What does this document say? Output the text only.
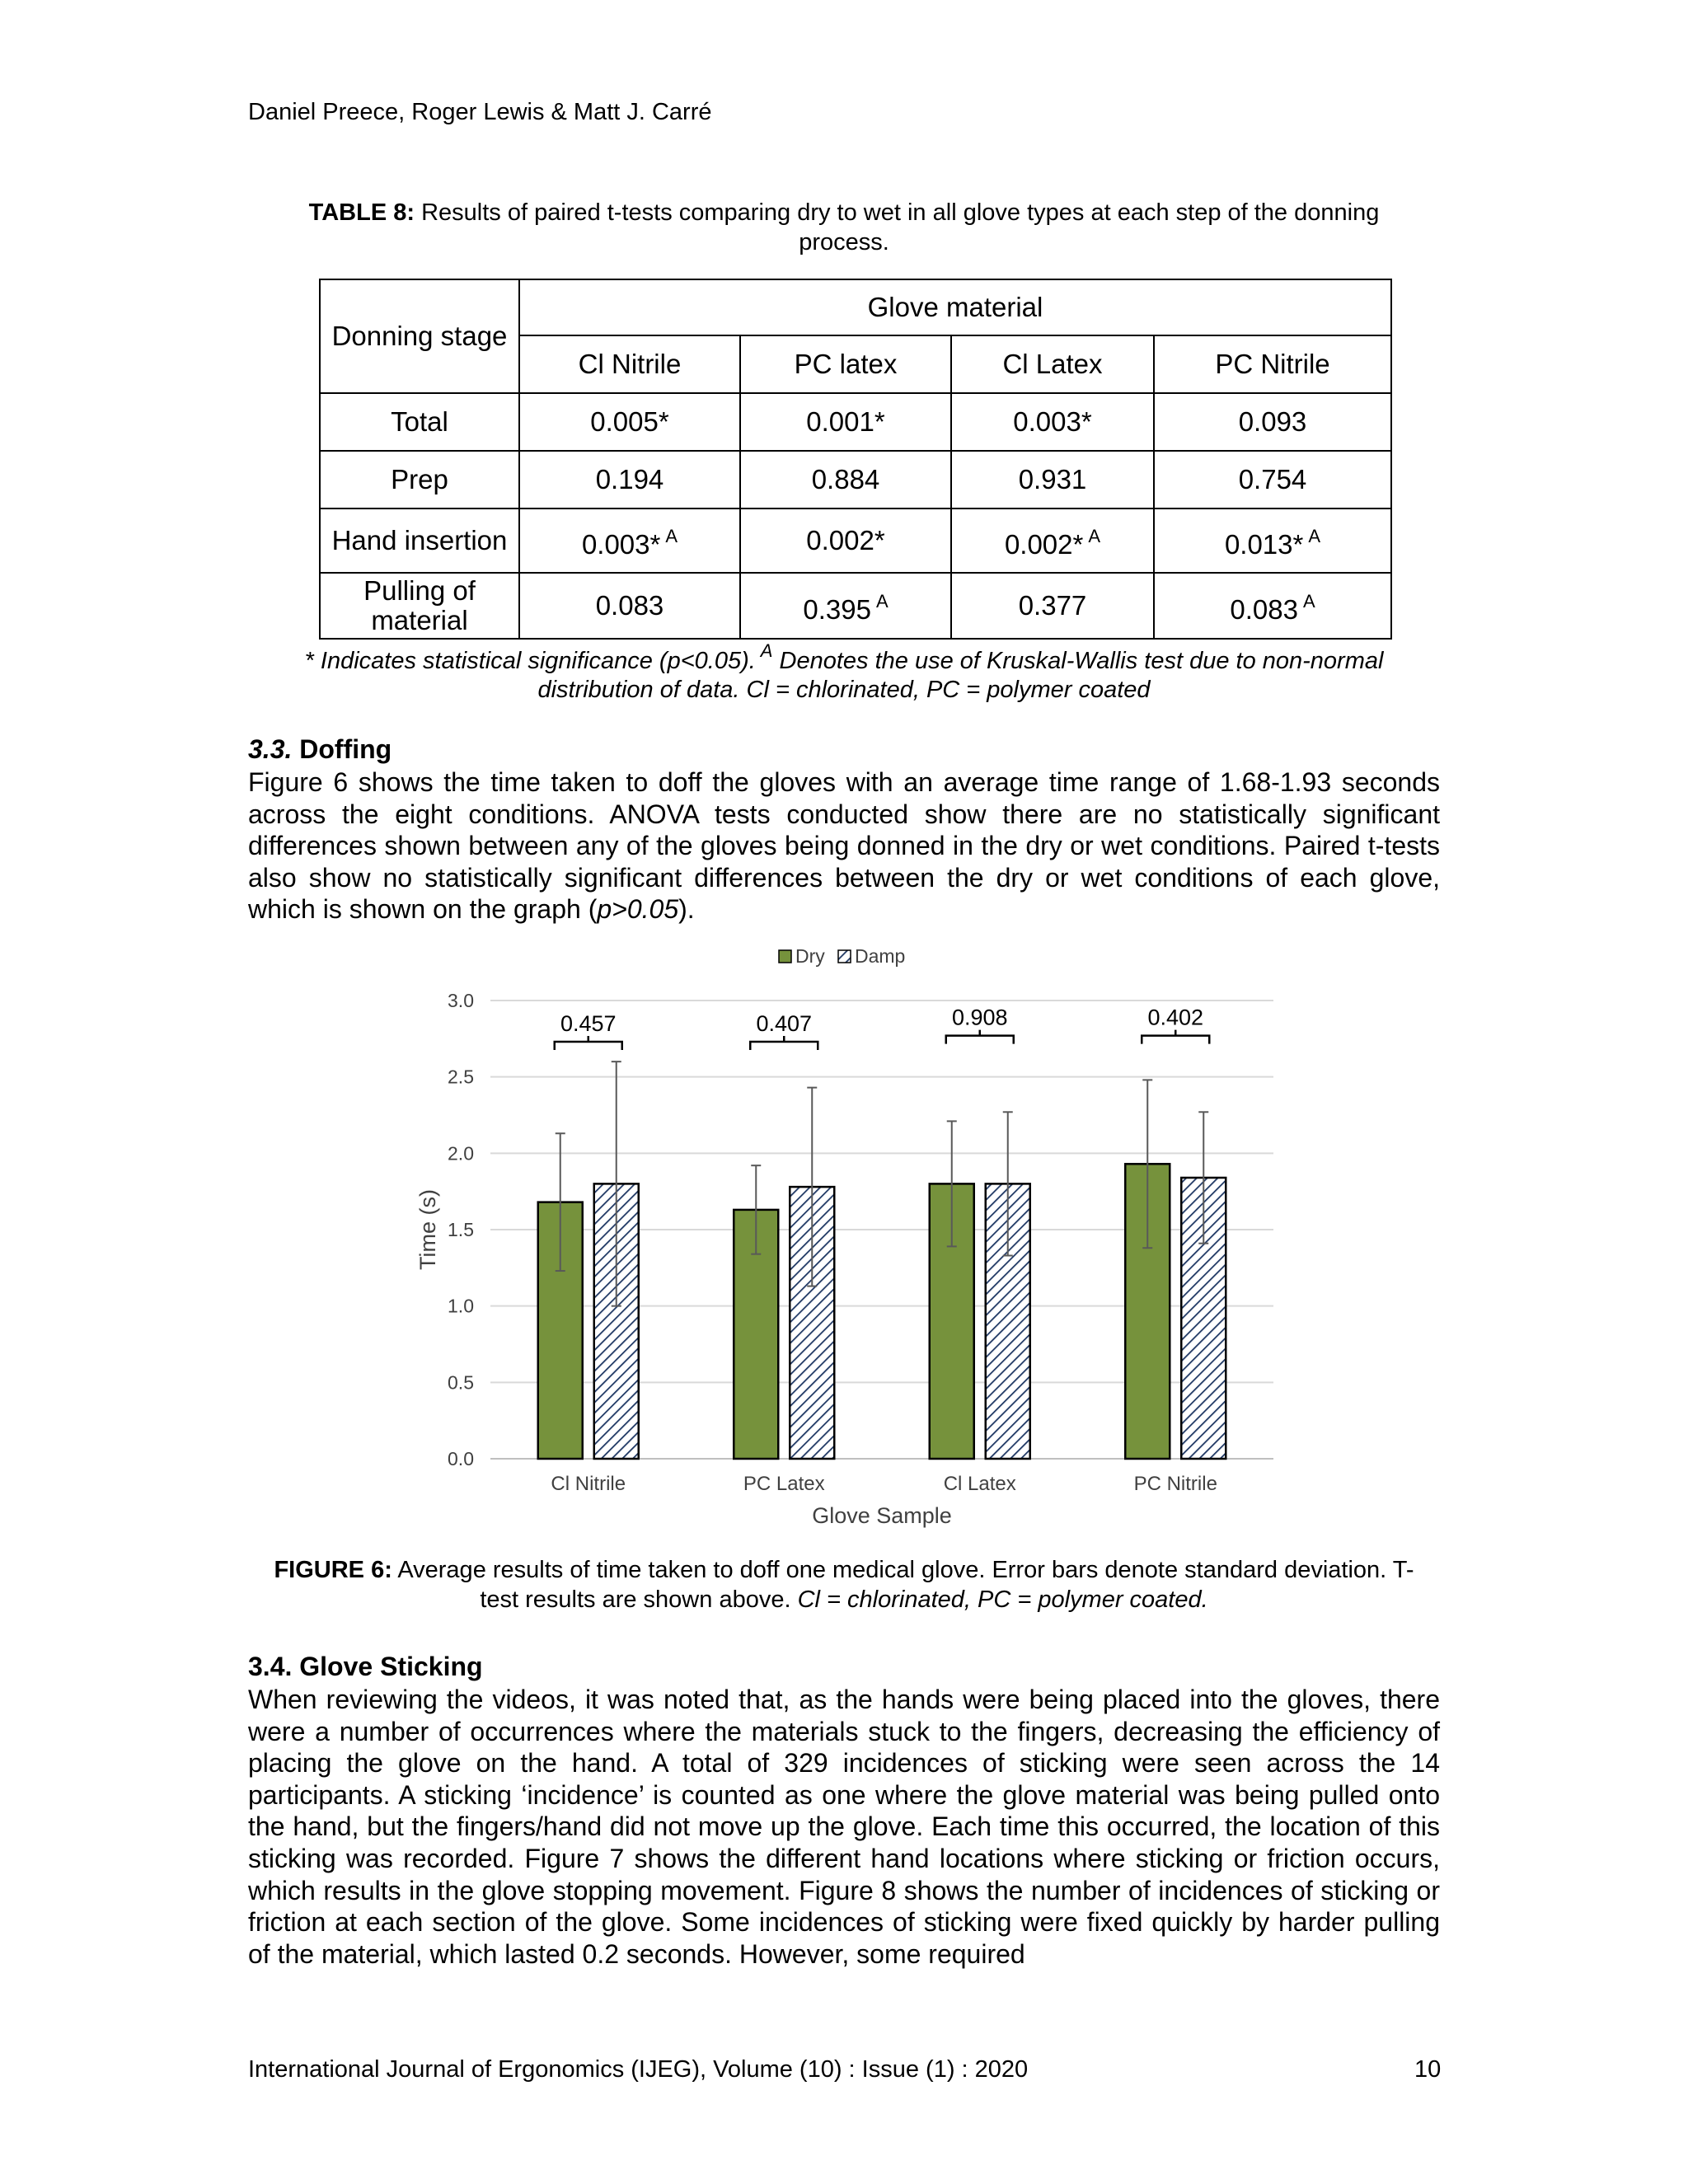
Daniel Preece, Roger Lewis & Matt J. Carré
TABLE 8: Results of paired t-tests comparing dry to wet in all glove types at each step of the donning process.
Donning stage	Glove material			
	Cl Nitrile	PC latex	Cl Latex	PC Nitrile
Total	0.005*	0.001*	0.003*	0.093
Prep	0.194	0.884	0.931	0.754
Hand insertion	0.003* $^A$	0.002*	0.002* $^A$	0.013* $^A$
Pulling of material	0.083	0.395 $^A$	0.377	0.083 $^A$
* Indicates statistical significance (p<0.05). $^A$ Denotes the use of Kruskal-Wallis test due to non-normal distribution of data. Cl = chlorinated, PC = polymer coated
3.3. Doffing
Figure 6 shows the time taken to doff the gloves with an average time range of 1.68-1.93 seconds across the eight conditions. ANOVA tests conducted show there are no statistically significant differences shown between any of the gloves being donned in the dry or wet conditions. Paired t-tests also show no statistically significant differences between the dry or wet conditions of each glove, which is shown on the graph (p>0.05).
0.457	0.407	0.908	0.402
0.0
0.5
1.0
1.5
2.0
2.5
3.0
Cl Nitrile	PC Latex	Cl Latex	PC Nitrile
Glove Sample
Time (s)
Dry Damp
FIGURE 6: Average results of time taken to doff one medical glove. Error bars denote standard deviation. T-test results are shown above. Cl = chlorinated, PC = polymer coated.
3.4. Glove Sticking
When reviewing the videos, it was noted that, as the hands were being placed into the gloves, there were a number of occurrences where the materials stuck to the fingers, decreasing the efficiency of placing the glove on the hand. A total of 329 incidences of sticking were seen across the 14 participants. A sticking ‘incidence’ is counted as one where the glove material was being pulled onto the hand, but the fingers/hand did not move up the glove. Each time this occurred, the location of this sticking was recorded. Figure 7 shows the different hand locations where sticking or friction occurs, which results in the glove stopping movement. Figure 8 shows the number of incidences of sticking or friction at each section of the glove. Some incidences of sticking were fixed quickly by harder pulling of the material, which lasted 0.2 seconds. However, some required
International Journal of Ergonomics (IJEG), Volume (10) : Issue (1) : 2020	10
